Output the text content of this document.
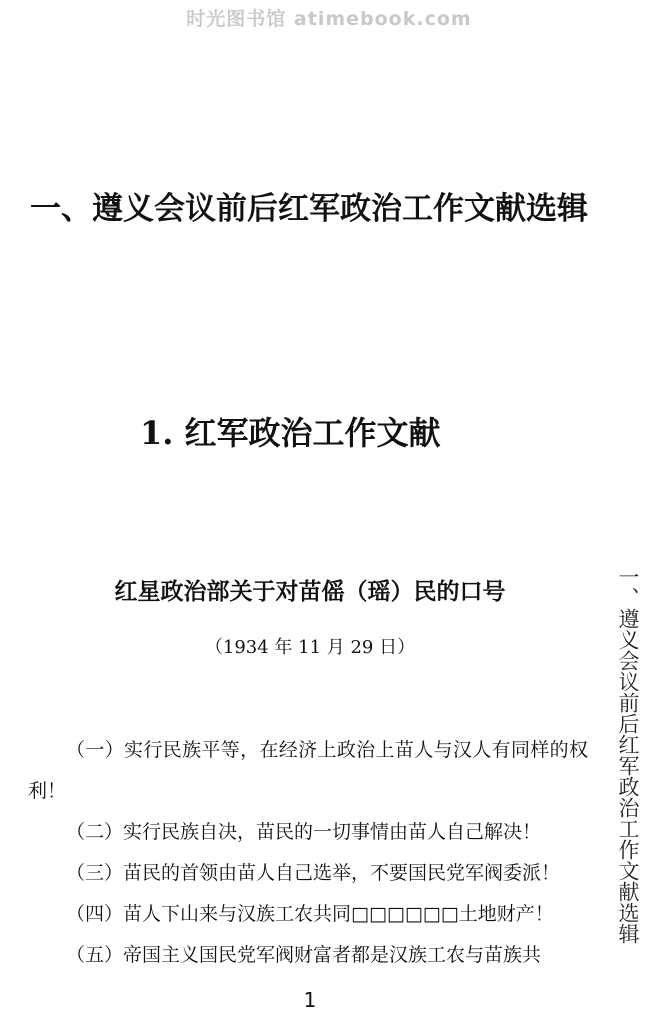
时光图书馆 atimebook.com
一、遵义会议前后红军政治工作文献选辑
1. 红军政治工作文献
红星政治部关于对苗傜（瑶）民的口号
（1934 年 11 月 29 日）

（一）实行民族平等，在经济上政治上苗人与汉人有同样的权利！

（二）实行民族自决，苗民的一切事情由苗人自己解决！

（三）苗民的首领由苗人自己选举，不要国民党军阀委派！

（四）苗人下山来与汉族工农共同□□□□□□土地财产！

（五）帝国主义国民党军阀财富者都是汉族工农与苗族共

一、遵义会议前后红军政治工作文献选辑
1
